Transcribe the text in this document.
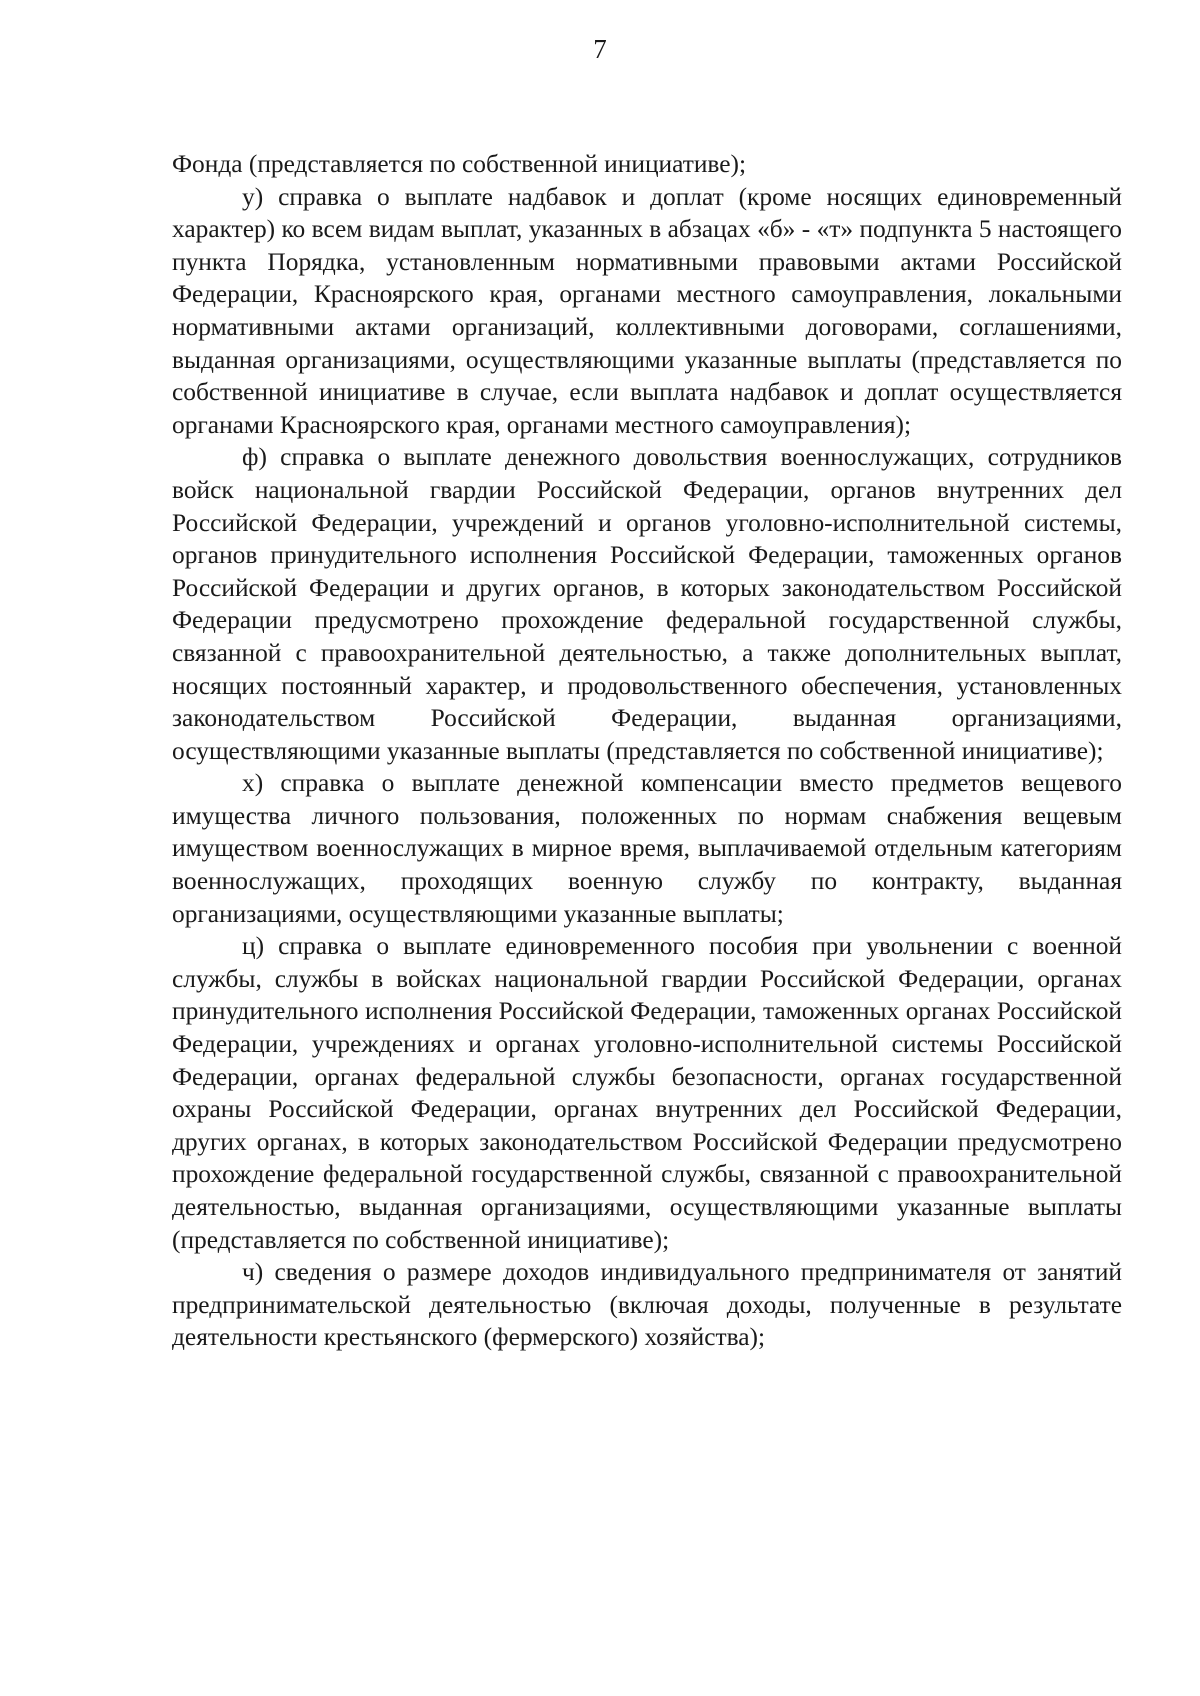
7

Фонда (представляется по собственной инициативе);

у) справка о выплате надбавок и доплат (кроме носящих единовременный характер) ко всем видам выплат, указанных в абзацах «б» - «т» подпункта 5 настоящего пункта Порядка, установленным нормативными правовыми актами Российской Федерации, Красноярского края, органами местного самоуправления, локальными нормативными актами организаций, коллективными договорами, соглашениями, выданная организациями, осуществляющими указанные выплаты (представляется по собственной инициативе в случае, если выплата надбавок и доплат осуществляется органами Красноярского края, органами местного самоуправления);

ф) справка о выплате денежного довольствия военнослужащих, сотрудников войск национальной гвардии Российской Федерации, органов внутренних дел Российской Федерации, учреждений и органов уголовно-исполнительной системы, органов принудительного исполнения Российской Федерации, таможенных органов Российской Федерации и других органов, в которых законодательством Российской Федерации предусмотрено прохождение федеральной государственной службы, связанной с правоохранительной деятельностью, а также дополнительных выплат, носящих постоянный характер, и продовольственного обеспечения, установленных законодательством Российской Федерации, выданная организациями, осуществляющими указанные выплаты (представляется по собственной инициативе);

х) справка о выплате денежной компенсации вместо предметов вещевого имущества личного пользования, положенных по нормам снабжения вещевым имуществом военнослужащих в мирное время, выплачиваемой отдельным категориям военнослужащих, проходящих военную службу по контракту, выданная организациями, осуществляющими указанные выплаты;

ц) справка о выплате единовременного пособия при увольнении с военной службы, службы в войсках национальной гвардии Российской Федерации, органах принудительного исполнения Российской Федерации, таможенных органах Российской Федерации, учреждениях и органах уголовно-исполнительной системы Российской Федерации, органах федеральной службы безопасности, органах государственной охраны Российской Федерации, органах внутренних дел Российской Федерации, других органах, в которых законодательством Российской Федерации предусмотрено прохождение федеральной государственной службы, связанной с правоохранительной деятельностью, выданная организациями, осуществляющими указанные выплаты (представляется по собственной инициативе);

ч) сведения о размере доходов индивидуального предпринимателя от занятий предпринимательской деятельностью (включая доходы, полученные в результате деятельности крестьянского (фермерского) хозяйства);
